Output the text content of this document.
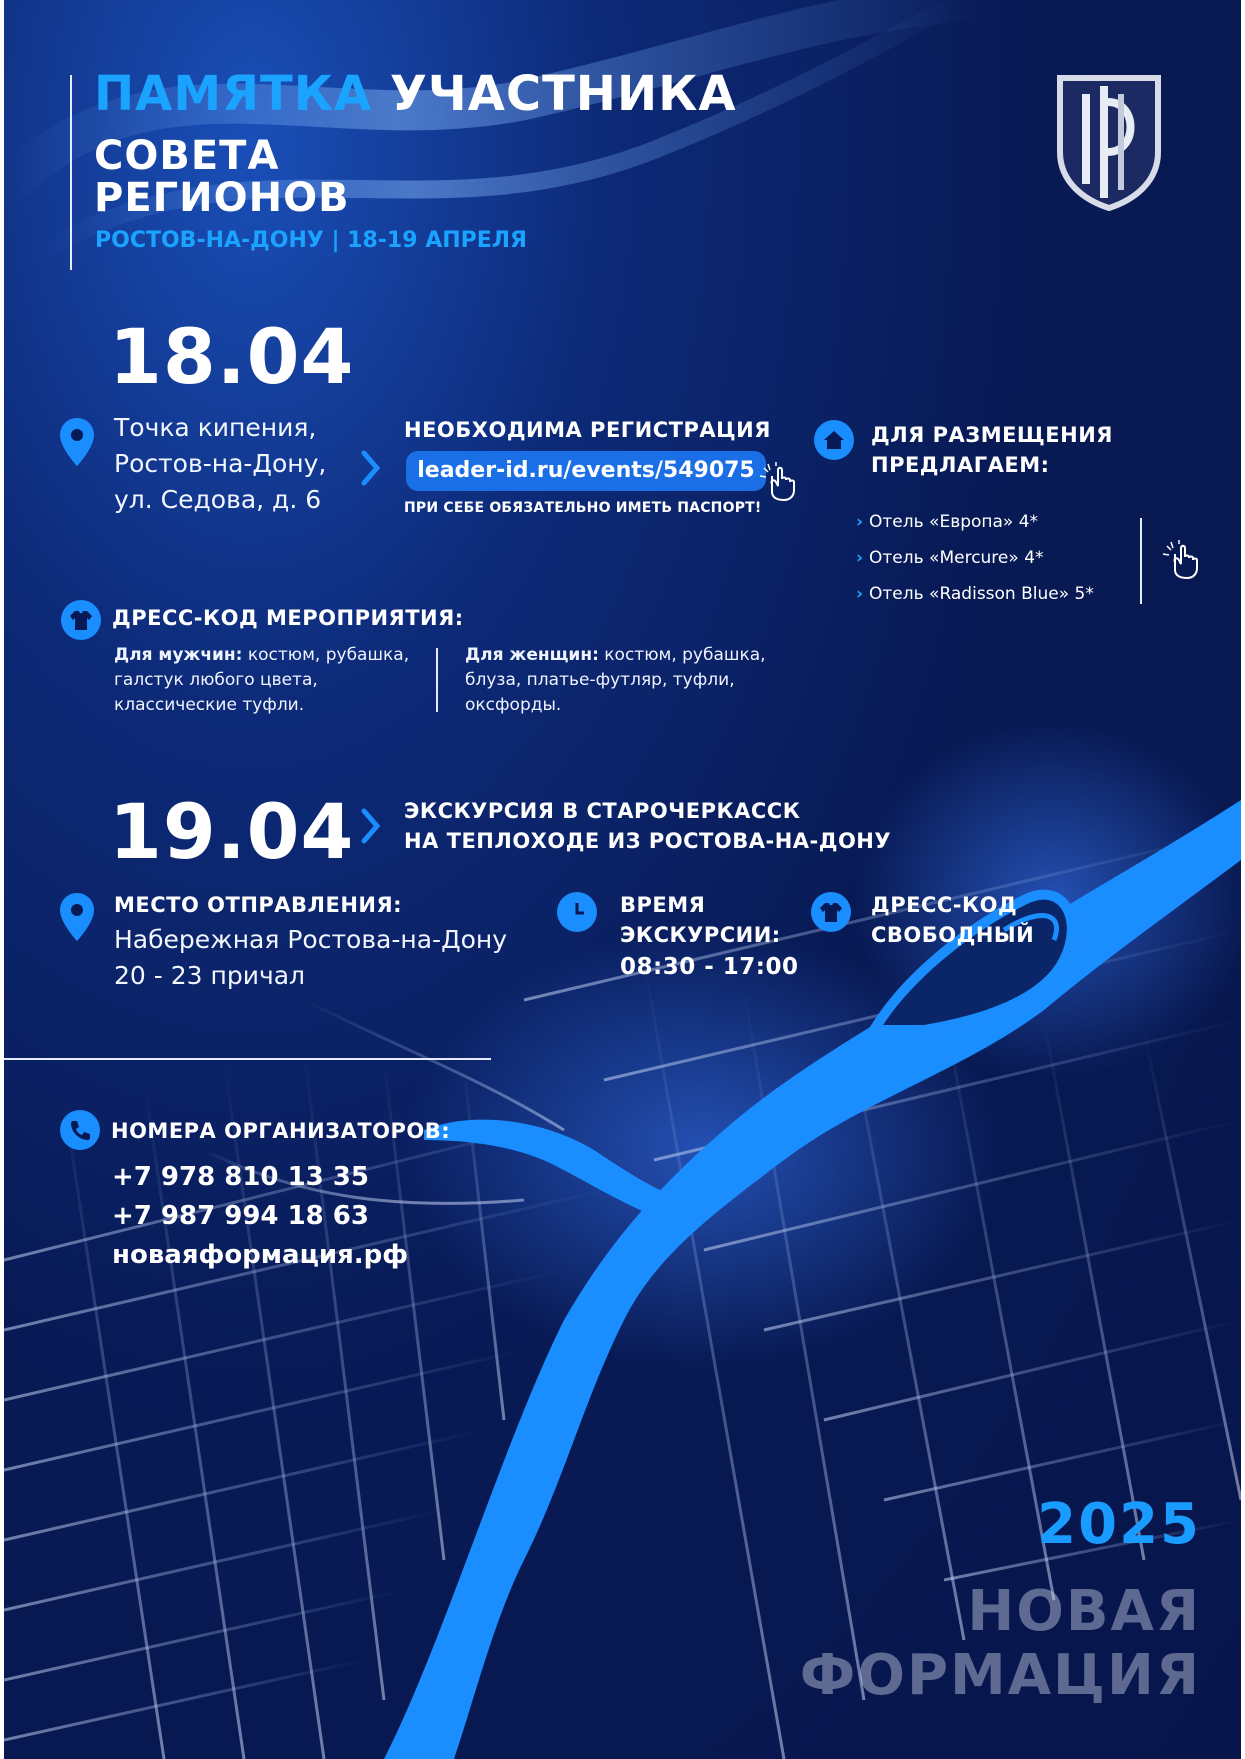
ПАМЯТКА УЧАСТНИКА
СОВЕТА
РЕГИОНОВ
РОСТОВ-НА-ДОНУ | 18-19 АПРЕЛЯ
18.04
Точка кипения,
Ростов-на-Дону,
ул. Седова, д. 6
НЕОБХОДИМА РЕГИСТРАЦИЯ
leader-id.ru/events/549075
ПРИ СЕБЕ ОБЯЗАТЕЛЬНО ИМЕТЬ ПАСПОРТ!
ДЛЯ РАЗМЕЩЕНИЯ
ПРЕДЛАГАЕМ:
› Отель «Европа» 4*
› Отель «Mercure» 4*
› Отель «Radisson Blue» 5*
ДРЕСС-КОД МЕРОПРИЯТИЯ:
Для мужчин: костюм, рубашка,
галстук любого цвета,
классические туфли.
Для женщин: костюм, рубашка,
блуза, платье-футляр, туфли,
оксфорды.
19.04 ЭКСКУРСИЯ В СТАРОЧЕРКАССК
НА ТЕПЛОХОДЕ ИЗ РОСТОВА-НА-ДОНУ
МЕСТО ОТПРАВЛЕНИЯ:
Набережная Ростова-на-Дону
20 - 23 причал
ВРЕМЯ
ЭКСКУРСИИ:
08:30 - 17:00
ДРЕСС-КОД
СВОБОДНЫЙ
НОМЕРА ОРГАНИЗАТОРОВ:
+7 978 810 13 35
+7 987 994 18 63
новаяформация.рф
2025
НОВАЯ
ФОРМАЦИЯ
